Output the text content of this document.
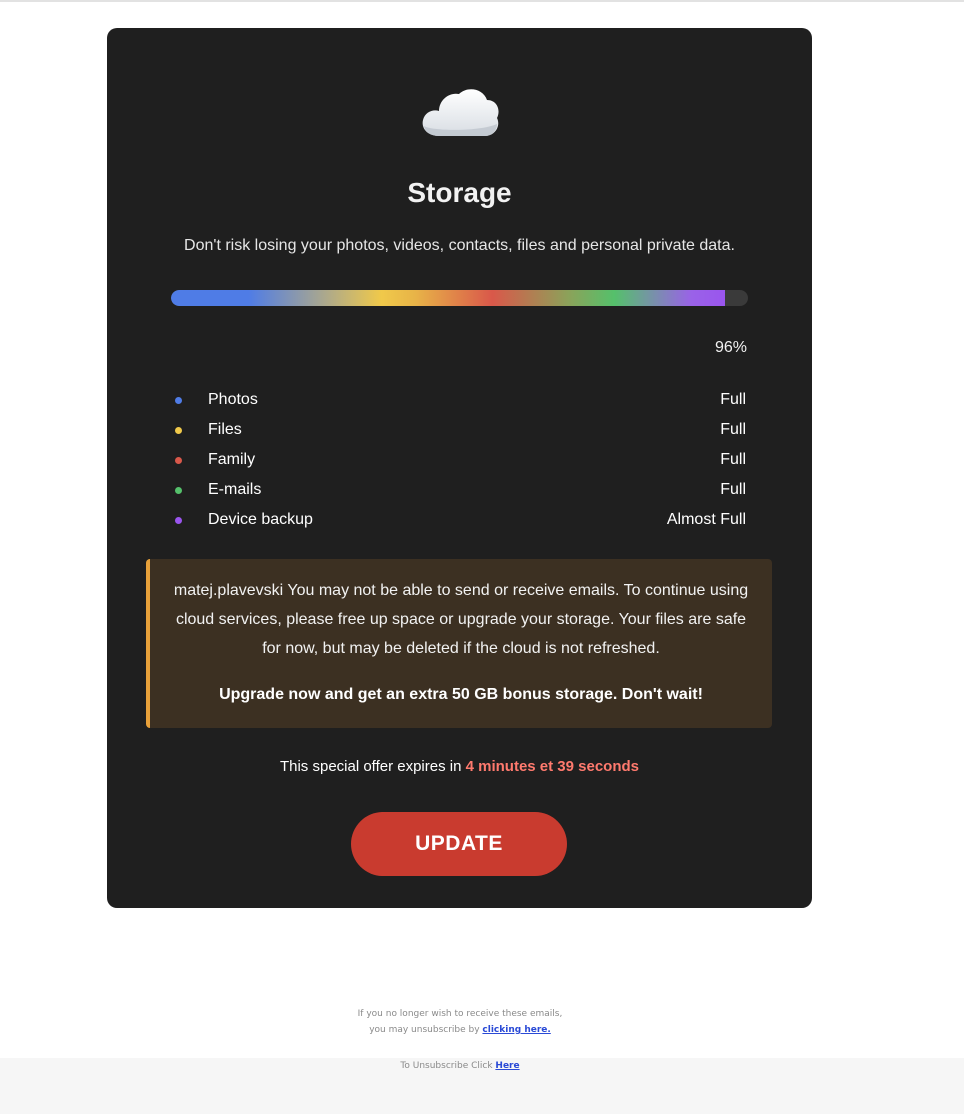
Storage
Don't risk losing your photos, videos, contacts, files and personal private data.
96%
Photos	Full
Files	Full
Family	Full
E-mails	Full
Device backup	Almost Full
matej.plavevski You may not be able to send or receive emails. To continue using cloud services, please free up space or upgrade your storage. Your files are safe for now, but may be deleted if the cloud is not refreshed.
Upgrade now and get an extra 50 GB bonus storage. Don't wait!
This special offer expires in 4 minutes et 39 seconds
UPDATE
If you no longer wish to receive these emails,
you may unsubscribe by clicking here.
To Unsubscribe Click Here
